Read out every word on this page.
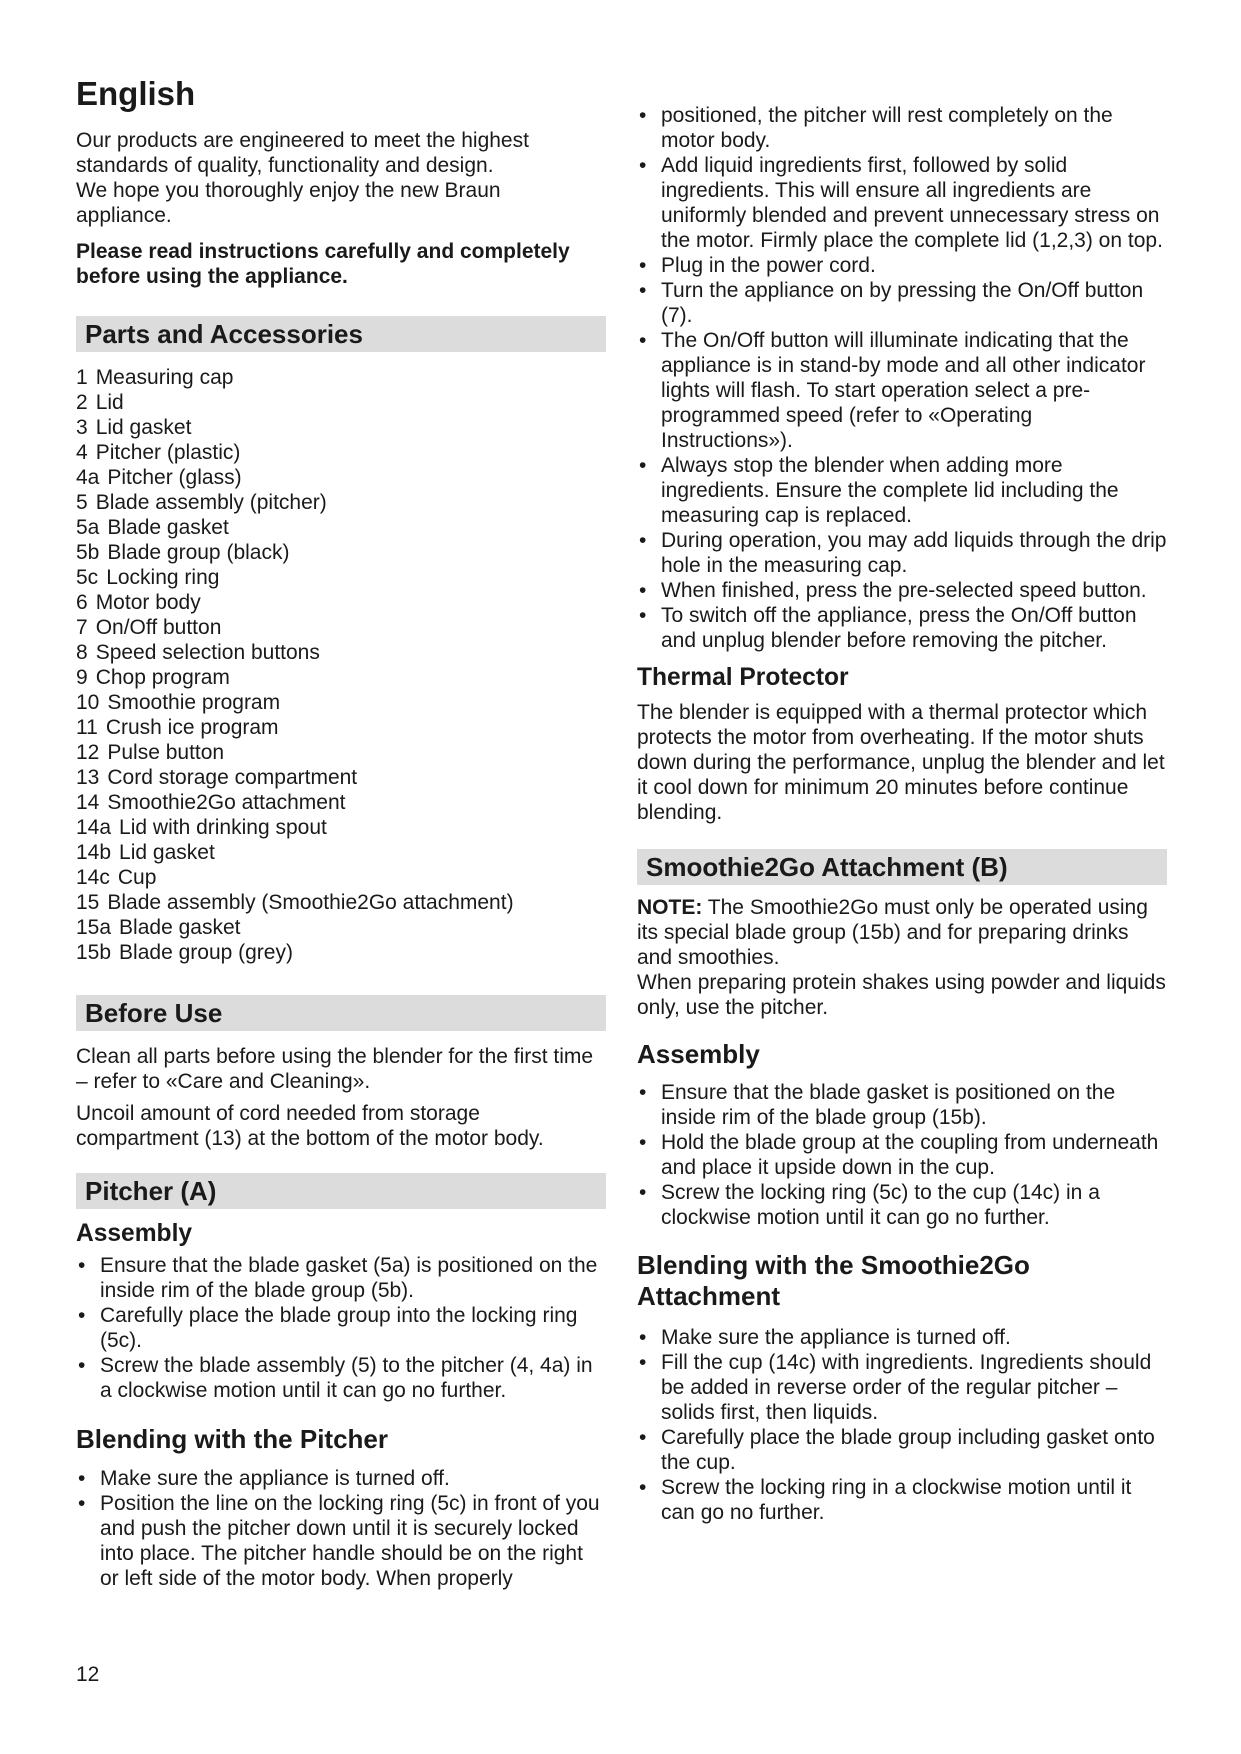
English

Our products are engineered to meet the highest

standards of quality, functionality and design.

We hope you thoroughly enjoy the new Braun

appliance.

Please read instructions carefully and completely before using the appliance.

Parts and Accessories
1 Measuring cap
2 Lid
3 Lid gasket
4 Pitcher (plastic)
4a Pitcher (glass)
5 Blade assembly (pitcher)
5a Blade gasket
5b Blade group (black)
5c Locking ring
6 Motor body
7 On/Off button
8 Speed selection buttons
9 Chop program
10 Smoothie program
11 Crush ice program
12 Pulse button
13 Cord storage compartment
14 Smoothie2Go attachment
14a Lid with drinking spout
14b Lid gasket
14c Cup
15 Blade assembly (Smoothie2Go attachment)
15a Blade gasket
15b Blade group (grey)
Before Use

Clean all parts before using the blender for the first time – refer to «Care and Cleaning».

Uncoil amount of cord needed from storage compartment (13) at the bottom of the motor body.

Pitcher (A)
Assembly
• Ensure that the blade gasket (5a) is positioned on the inside rim of the blade group (5b).
• Carefully place the blade group into the locking ring (5c).
• Screw the blade assembly (5) to the pitcher (4, 4a) in a clockwise motion until it can go no further.
Blending with the Pitcher
• Make sure the appliance is turned off.
• Position the line on the locking ring (5c) in front of you and push the pitcher down until it is securely locked into place. The pitcher handle should be on the right or left side of the motor body. When properly
• positioned, the pitcher will rest completely on the motor body.
• Add liquid ingredients first, followed by solid ingredients. This will ensure all ingredients are uniformly blended and prevent unnecessary stress on the motor. Firmly place the complete lid (1,2,3) on top.
• Plug in the power cord.
• Turn the appliance on by pressing the On/Off button (7).
• The On/Off button will illuminate indicating that the appliance is in stand-by mode and all other indicator lights will flash. To start operation select a pre-programmed speed (refer to «Operating Instructions»).
• Always stop the blender when adding more ingredients. Ensure the complete lid including the measuring cap is replaced.
• During operation, you may add liquids through the drip hole in the measuring cap.
• When finished, press the pre-selected speed button.
• To switch off the appliance, press the On/Off button and unplug blender before removing the pitcher.
Thermal Protector

The blender is equipped with a thermal protector which protects the motor from overheating. If the motor shuts down during the performance, unplug the blender and let it cool down for minimum 20 minutes before continue blending.

Smoothie2Go Attachment (B)

NOTE: The Smoothie2Go must only be operated using its special blade group (15b) and for preparing drinks and smoothies.

When preparing protein shakes using powder and liquids only, use the pitcher.

Assembly
• Ensure that the blade gasket is positioned on the inside rim of the blade group (15b).
• Hold the blade group at the coupling from underneath and place it upside down in the cup.
• Screw the locking ring (5c) to the cup (14c) in a clockwise motion until it can go no further.
Blending with the Smoothie2Go Attachment
• Make sure the appliance is turned off.
• Fill the cup (14c) with ingredients. Ingredients should be added in reverse order of the regular pitcher – solids first, then liquids.
• Carefully place the blade group including gasket onto the cup.
• Screw the locking ring in a clockwise motion until it can go no further.
12
